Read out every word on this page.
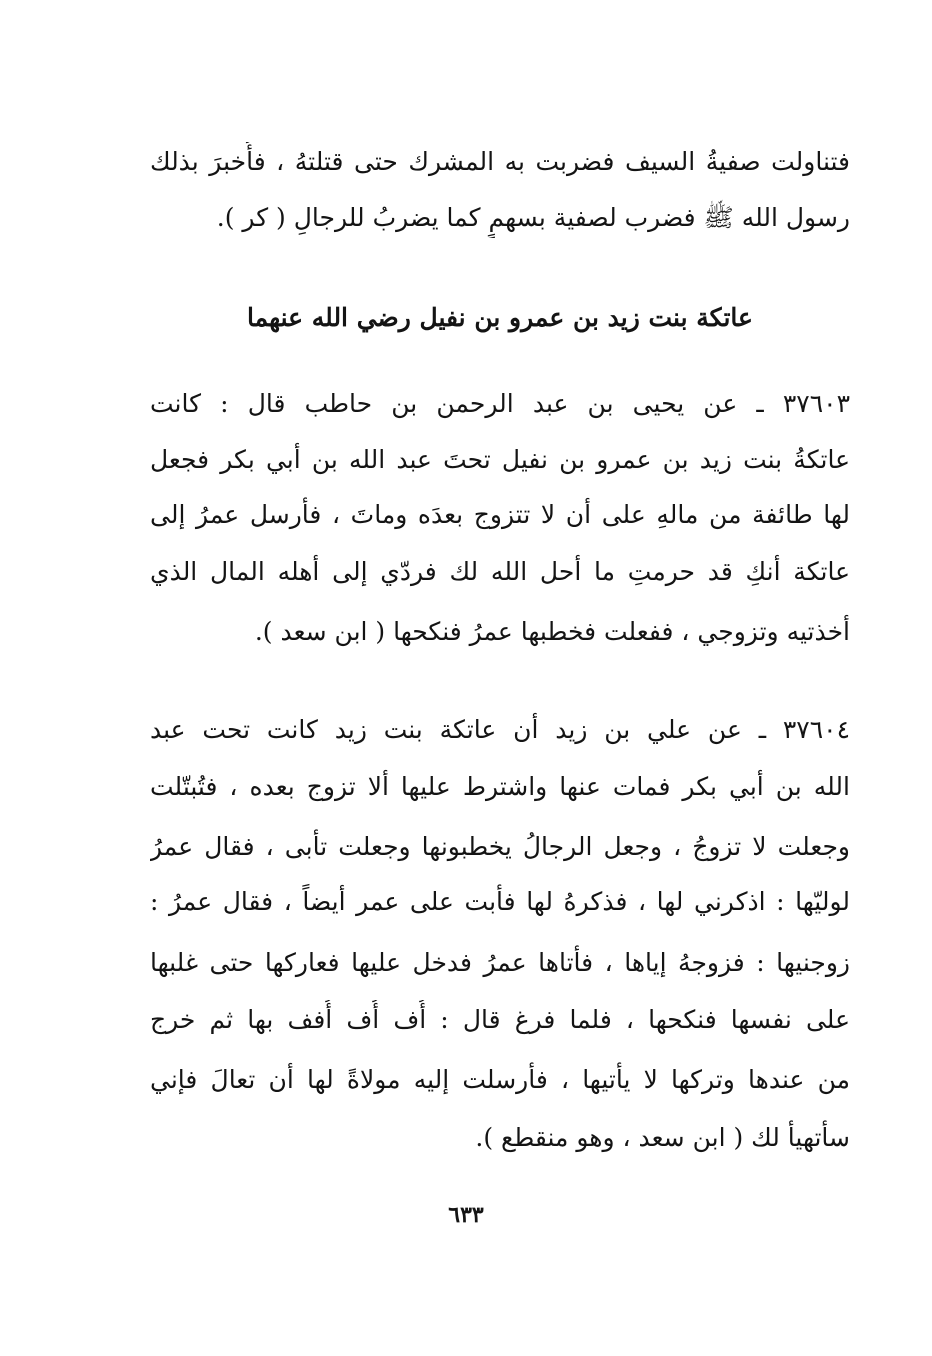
فتناولت صفيةُ السيف فضربت به المشرك حتى قتلتهُ ، فأُخبرَ بذلك
رسول الله ﷺ فضرب لصفية بسهمٍ كما يضربُ للرجالِ ( كر ).
عاتكة بنت زيد بن عمرو بن نفيل رضي الله عنهما
٣٧٦٠٣ ـ عن يحيى بن عبد الرحمن بن حاطب قال : كانت
عاتكةُ بنت زيد بن عمرو بن نفيل تحتَ عبد الله بن أبي بكر فجعل
لها طائفة من مالهِ على أن لا تتزوج بعدَه وماتَ ، فأرسل عمرُ إلى
عاتكة أنكِ قد حرمتِ ما أحل الله لك فردّي إلى أهله المال الذي
أخذتيه وتزوجي ، ففعلت فخطبها عمرُ فنكحها ( ابن سعد ).
٣٧٦٠٤ ـ عن علي بن زيد أن عاتكة بنت زيد كانت تحت عبد
الله بن أبي بكر فمات عنها واشترط عليها ألا تزوج بعده ، فتُبتّلت
وجعلت لا تزوجُ ، وجعل الرجالُ يخطبونها وجعلت تأبى ، فقال عمرُ
لوليّها : اذكرني لها ، فذكرهُ لها فأبت على عمر أيضاً ، فقال عمرُ :
زوجنيها : فزوجهُ إياها ، فأتاها عمرُ فدخل عليها فعاركها حتى غلبها
على نفسها فنكحها ، فلما فرغ قال : أُف أُف أُفف بها ثم خرج
من عندها وتركها لا يأتيها ، فأرسلت إليه مولاةً لها أن تعالَ فإني
سأتهيأ لك ( ابن سعد ، وهو منقطع ).
٦٣٣
